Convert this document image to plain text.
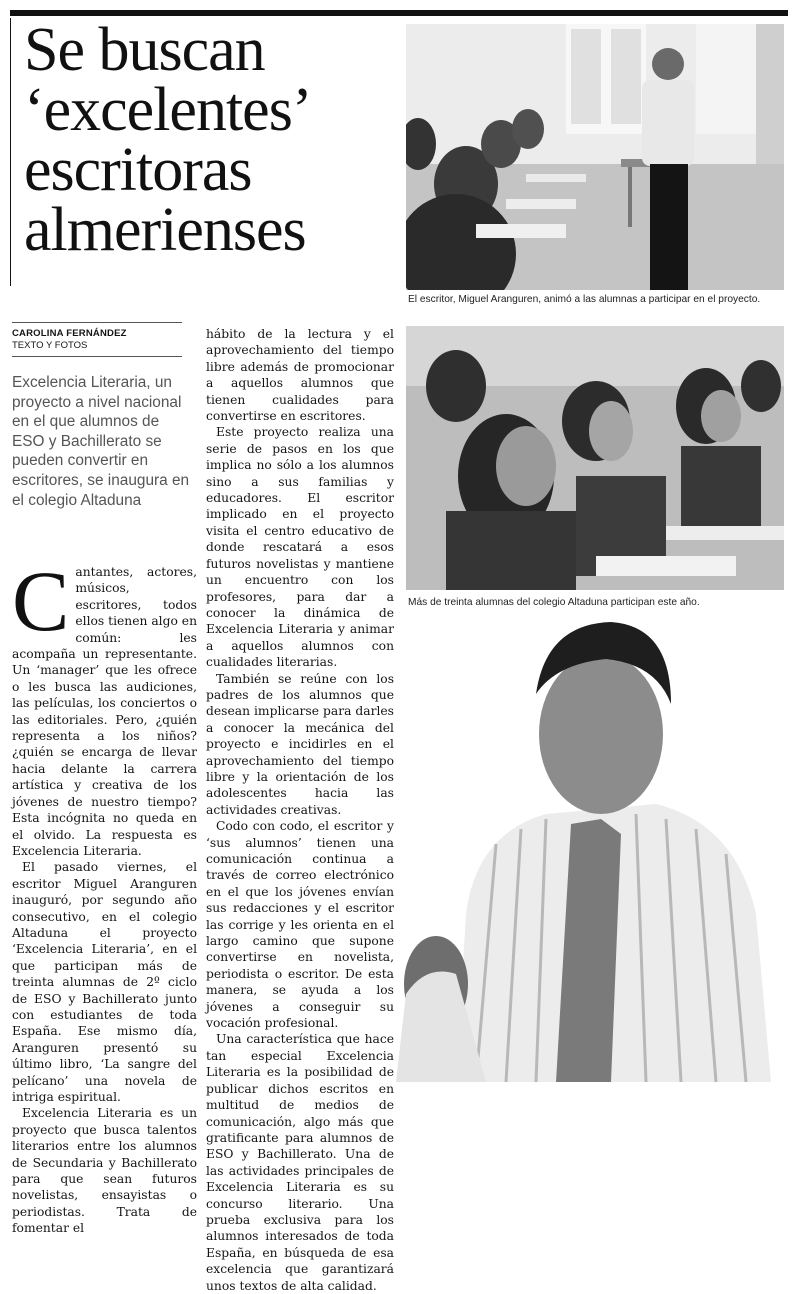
Se buscan
‘excelentes’
escritoras
almerienses
El escritor, Miguel Aranguren, animó a las alumnas a participar en el proyecto.
Más de treinta alumnas del colegio Altaduna participan este año.
CAROLINA FERNÁNDEZ
TEXTO Y FOTOS

Excelencia Literaria, un proyecto a nivel nacional en el que alumnos de ESO y Bachillerato se pueden convertir en escritores, se inaugura en el colegio Altaduna

C antantes, actores, músicos, escritores, todos ellos tienen algo en común: les acompaña un representante. Un ‘manager’ que les ofrece o les busca las audiciones, las películas, los conciertos o las editoriales. Pero, ¿quién representa a los niños? ¿quién se encarga de llevar hacia delante la carrera artística y creativa de los jóvenes de nuestro tiempo? Esta incógnita no queda en el olvido. La respuesta es Excelencia Literaria.

El pasado viernes, el escritor Miguel Aranguren inauguró, por segundo año consecutivo, en el colegio Altaduna el proyecto ‘Excelencia Literaria’, en el que participan más de treinta alumnas de 2º ciclo de ESO y Bachillerato junto con estudiantes de toda España. Ese mismo día, Aranguren presentó su último libro, ‘La sangre del pelícano’ una novela de intriga espiritual.

Excelencia Literaria es un proyecto que busca talentos literarios entre los alumnos de Secundaria y Bachillerato para que sean futuros novelistas, ensayistas o periodistas. Trata de fomentar el

hábito de la lectura y el aprovechamiento del tiempo libre además de promocionar a aquellos alumnos que tienen cualidades para convertirse en escritores.

Este proyecto realiza una serie de pasos en los que implica no sólo a los alumnos sino a sus familias y educadores. El escritor implicado en el proyecto visita el centro educativo de donde rescatará a esos futuros novelistas y mantiene un encuentro con los profesores, para dar a conocer la dinámica de Excelencia Literaria y animar a aquellos alumnos con cualidades literarias.

También se reúne con los padres de los alumnos que desean implicarse para darles a conocer la mecánica del proyecto e incidirles en el aprovechamiento del tiempo libre y la orientación de los adolescentes hacia las actividades creativas.

Codo con codo, el escritor y ‘sus alumnos’ tienen una comunicación continua a través de correo electrónico en el que los jóvenes envían sus redacciones y el escritor las corrige y les orienta en el largo camino que supone convertirse en novelista, periodista o escritor. De esta manera, se ayuda a los jóvenes a conseguir su vocación profesional.

Una característica que hace tan especial Excelencia Literaria es la posibilidad de publicar dichos escritos en multitud de medios de comunicación, algo más que gratificante para alumnos de ESO y Bachillerato. Una de las actividades principales de Excelencia Literaria es su concurso literario. Una prueba exclusiva para los alumnos interesados de toda España, en búsqueda de esa excelencia que garantizará unos textos de alta calidad.
